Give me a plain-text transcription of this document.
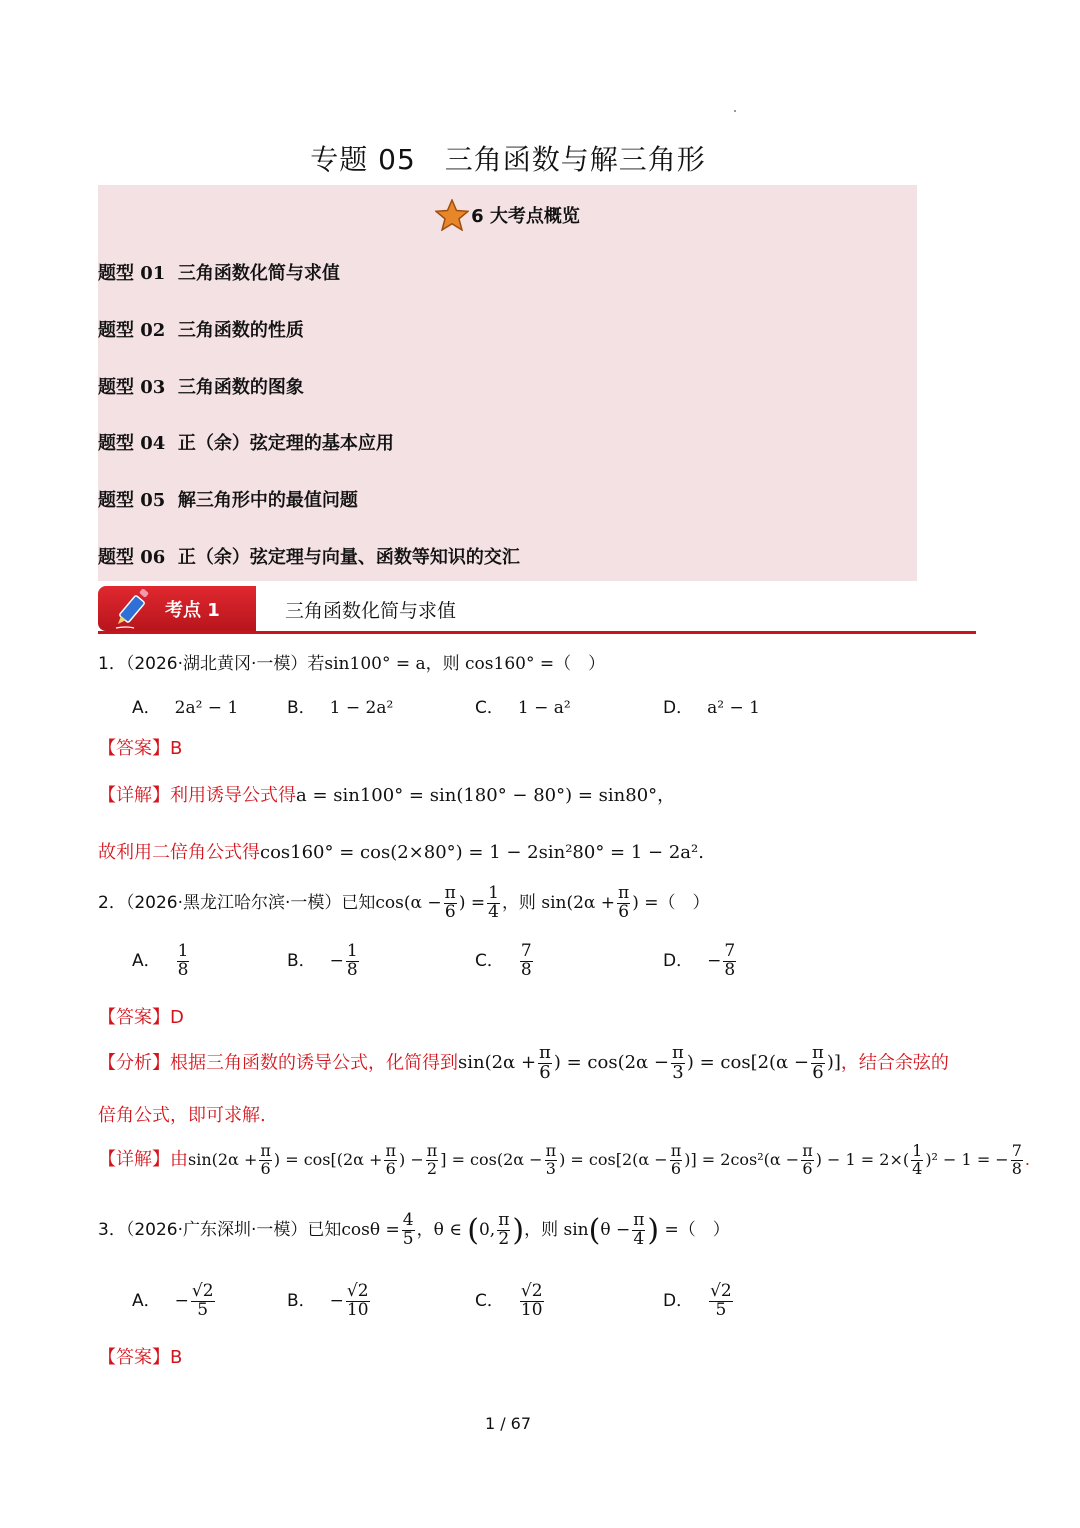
专题 05　三角函数与解三角形
6 大考点概览
题型 01 三角函数化简与求值
题型 02 三角函数的性质
题型 03 三角函数的图象
题型 04 正（余）弦定理的基本应用
题型 05 解三角形中的最值问题
题型 06 正（余）弦定理与向量、函数等知识的交汇
考点 1	三角函数化简与求值
1．（2026·湖北黄冈·一模）若sin100° = a，则 cos160° =（　）
A． 2a² − 1	B． 1 − 2a²	C． 1 − a²	D． a² − 1
【答案】B
【详解】利用诱导公式得a = sin100° = sin(180° − 80°) = sin80°，
故利用二倍角公式得cos160° = cos(2×80°) = 1 − 2sin²80° = 1 − 2a².
2．（2026·黑龙江哈尔滨·一模）已知$\cos(\alpha - \frac{\pi}{6}$ ) = $\frac{1}{4}$ ，则 $\sin(2\alpha + \frac{\pi}{6}$ ) =（　）
A． $\frac{1}{8}$	B． − $\frac{1}{8}$	C． $\frac{7}{8}$	D． − $\frac{7}{8}$
【答案】D
【分析】根据三角函数的诱导公式，化简得到$\sin(2\alpha + \frac{\pi}{6}$ ) = $\cos(2\alpha - \frac{\pi}{3}$ ) = $\cos[2(\alpha - \frac{\pi}{6}$ )]，结合余弦的
倍角公式，即可求解.
【详解】由$\sin(2\alpha + \frac{\pi}{6}$ ) = $\cos[(2\alpha + \frac{\pi}{6}$ ) − $\frac{\pi}{2}$ ] = $\cos(2\alpha - \frac{\pi}{3}$ ) = $\cos[2(\alpha - \frac{\pi}{6}$ )] = $2\cos^2(\alpha - \frac{\pi}{6}$ ) − $1 = 2\times( \frac{1}{4} )^2 - 1$ = − $\frac{7}{8}$ .
3．（2026·广东深圳·一模）已知$\cos\theta = \frac{4}{5}$ ，θ ∈ (0, $\frac{\pi}{2}$ )，则 $\sin(\theta - \frac{\pi}{4}$ ) =（　）
A． − $\frac{√2}{5}$	B． − $\frac{√2}{10}$	C． $\frac{√2}{10}$	D． $\frac{√2}{5}$
【答案】B
1 / 67
